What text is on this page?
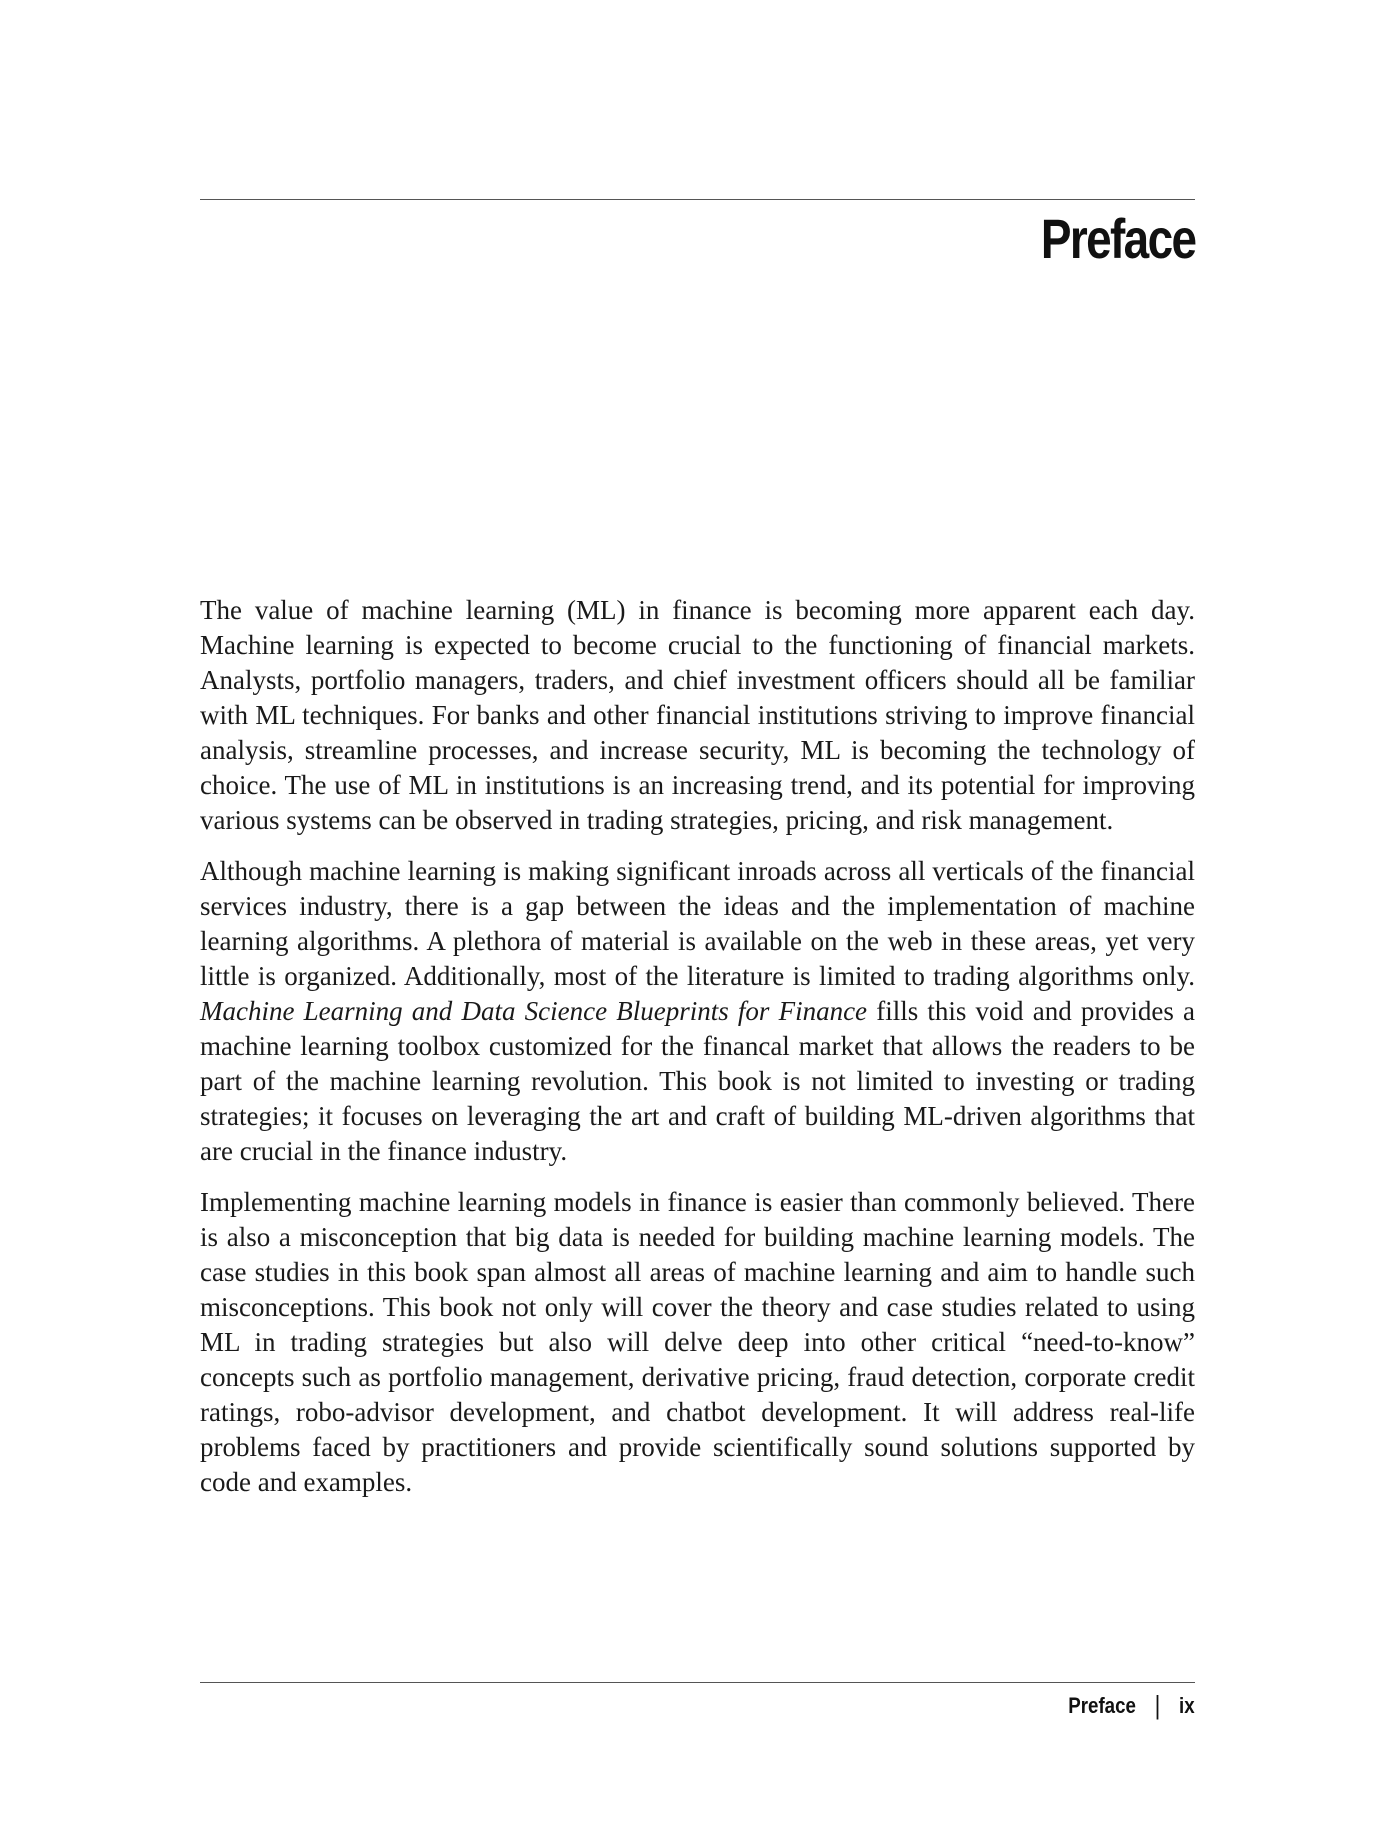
Preface

The value of machine learning (ML) in finance is becoming more apparent each day. Machine learning is expected to become crucial to the functioning of financial markets. Analysts, portfolio managers, traders, and chief investment officers should all be familiar with ML techniques. For banks and other financial institutions striving to improve financial analysis, streamline processes, and increase security, ML is becoming the technology of choice. The use of ML in institutions is an increasing trend, and its potential for improving various systems can be observed in trading strategies, pricing, and risk management.

Although machine learning is making significant inroads across all verticals of the financial services industry, there is a gap between the ideas and the implementation of machine learning algorithms. A plethora of material is available on the web in these areas, yet very little is organized. Additionally, most of the literature is limited to trading algorithms only. Machine Learning and Data Science Blueprints for Finance fills this void and provides a machine learning toolbox customized for the financal market that allows the readers to be part of the machine learning revolution. This book is not limited to investing or trading strategies; it focuses on leveraging the art and craft of building ML-driven algorithms that are crucial in the finance industry.

Implementing machine learning models in finance is easier than commonly believed. There is also a misconception that big data is needed for building machine learning models. The case studies in this book span almost all areas of machine learning and aim to handle such misconceptions. This book not only will cover the theory and case studies related to using ML in trading strategies but also will delve deep into other critical “need-to-know” concepts such as portfolio management, derivative pricing, fraud detection, corporate credit ratings, robo-advisor development, and chatbot development. It will address real-life problems faced by practitioners and provide scientifically sound solutions supported by code and examples.

Preface | ix
